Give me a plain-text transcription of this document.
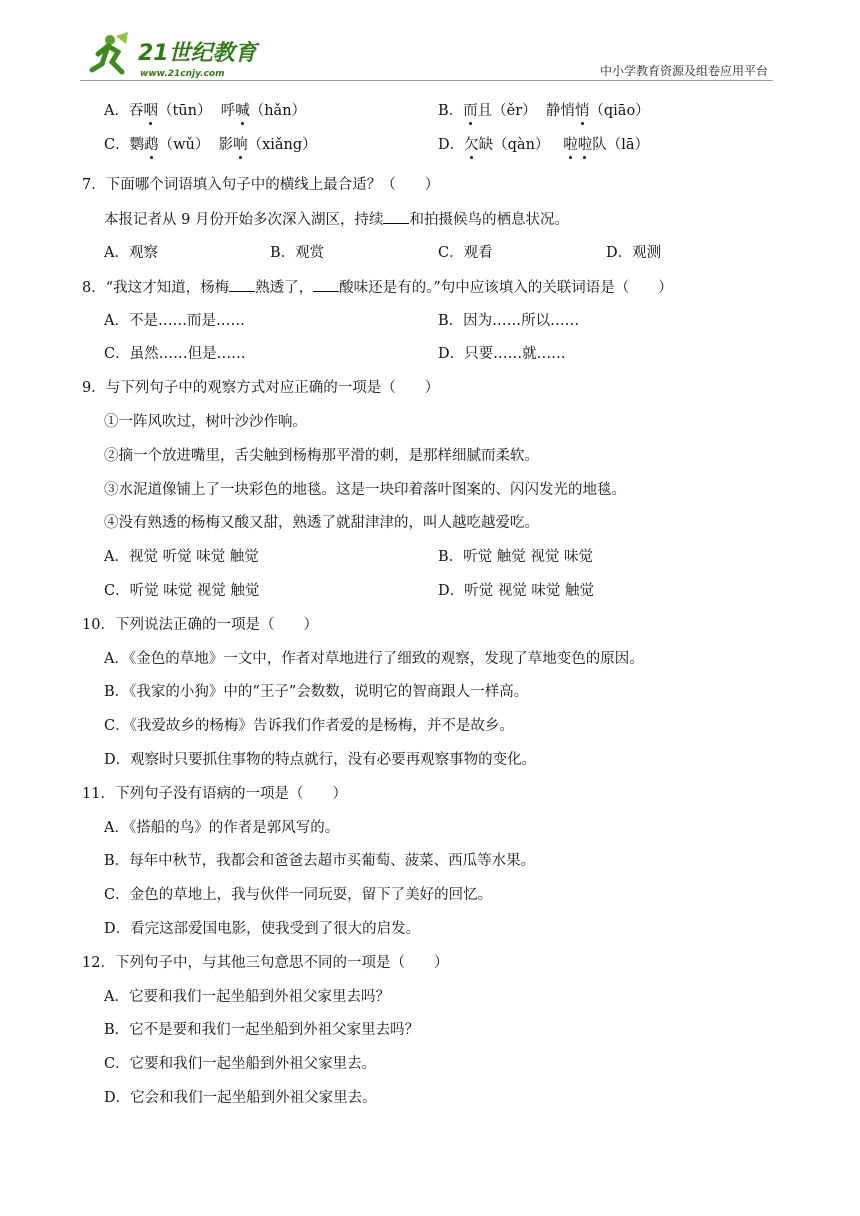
21世纪教育
www.21cnjy.com	中小学教育资源及组卷应用平台
A．吞咽（tūn） 呼喊（hǎn）	B．而且（ěr） 静悄悄（qiāo）
C．鹦鹉（wǔ） 影响（xiǎng）	D．欠缺（qàn） 啦啦队（lā）
7．下面哪个词语填入句子中的横线上最合适？（　　）
本报记者从 9 月份开始多次深入湖区，持续 和拍摄候鸟的栖息状况。
A．观察	B．观赏	C．观看	D．观测
8．“我这才知道，杨梅 熟透了， 酸味还是有的。”句中应该填入的关联词语是（　　）
A．不是……而是……	B．因为……所以……
C．虽然……但是……	D．只要……就……
9．与下列句子中的观察方式对应正确的一项是（　　）
①一阵风吹过，树叶沙沙作响。
②摘一个放进嘴里，舌尖触到杨梅那平滑的刺，是那样细腻而柔软。
③水泥道像铺上了一块彩色的地毯。这是一块印着落叶图案的、闪闪发光的地毯。
④没有熟透的杨梅又酸又甜，熟透了就甜津津的，叫人越吃越爱吃。
A．视觉 听觉 味觉 触觉	B．听觉 触觉 视觉 味觉
C．听觉 味觉 视觉 触觉	D．听觉 视觉 味觉 触觉
10．下列说法正确的一项是（　　）
A．《金色的草地》一文中，作者对草地进行了细致的观察，发现了草地变色的原因。
B．《我家的小狗》中的“王子”会数数，说明它的智商跟人一样高。
C．《我爱故乡的杨梅》告诉我们作者爱的是杨梅，并不是故乡。
D．观察时只要抓住事物的特点就行，没有必要再观察事物的变化。
11．下列句子没有语病的一项是（　　）
A．《搭船的鸟》的作者是郭风写的。
B．每年中秋节，我都会和爸爸去超市买葡萄、菠菜、西瓜等水果。
C．金色的草地上，我与伙伴一同玩耍，留下了美好的回忆。
D．看完这部爱国电影，使我受到了很大的启发。
12．下列句子中，与其他三句意思不同的一项是（　　）
A．它要和我们一起坐船到外祖父家里去吗？
B．它不是要和我们一起坐船到外祖父家里去吗？
C．它要和我们一起坐船到外祖父家里去。
D．它会和我们一起坐船到外祖父家里去。
